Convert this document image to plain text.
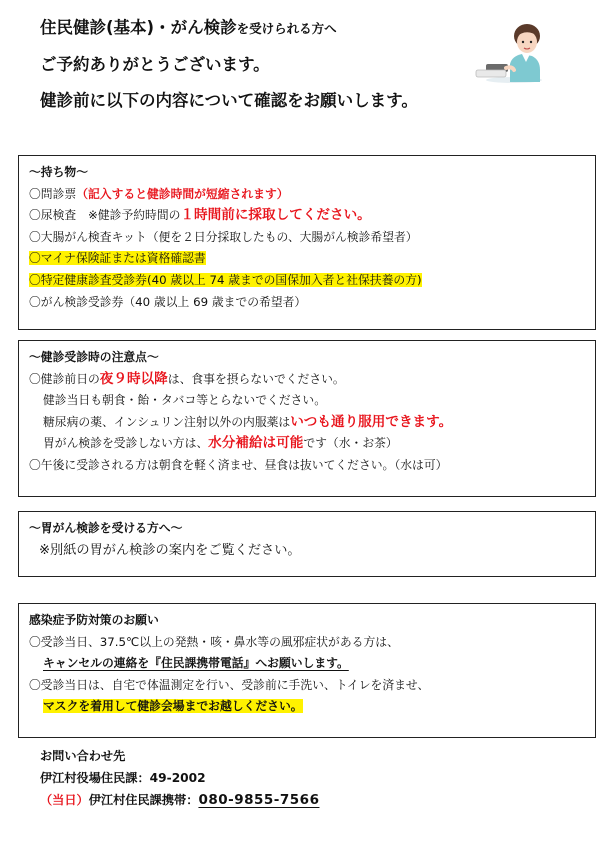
住民健診(基本)・がん検診を受けられる方へ
ご予約ありがとうございます。
健診前に以下の内容について確認をお願いします。
～持ち物～
〇問診票（記入すると健診時間が短縮されます）
〇尿検査　※健診予約時間の１時間前に採取してください。
〇大腸がん検査キット（便を２日分採取したもの、大腸がん検診希望者）
〇マイナ保険証または資格確認書
〇特定健康診査受診券(40 歳以上 74 歳までの国保加入者と社保扶養の方)
〇がん検診受診券（40 歳以上 69 歳までの希望者）
～健診受診時の注意点～
〇健診前日の夜９時以降は、食事を摂らないでください。
健診当日も朝食・飴・タバコ等とらないでください。
糖尿病の薬、インシュリン注射以外の内服薬はいつも通り服用できます。
胃がん検診を受診しない方は、水分補給は可能です（水・お茶）
〇午後に受診される方は朝食を軽く済ませ、昼食は抜いてください。（水は可）
～胃がん検診を受ける方へ～
※別紙の胃がん検診の案内をご覧ください。
感染症予防対策のお願い
〇受診当日、37.5℃以上の発熱・咳・鼻水等の風邪症状がある方は、
キャンセルの連絡を『住民課携帯電話』へお願いします。
〇受診当日は、自宅で体温測定を行い、受診前に手洗い、トイレを済ませ、
マスクを着用して健診会場までお越しください。
お問い合わせ先
伊江村役場住民課：49-2002
（当日）伊江村住民課携帯：080-9855-7566
